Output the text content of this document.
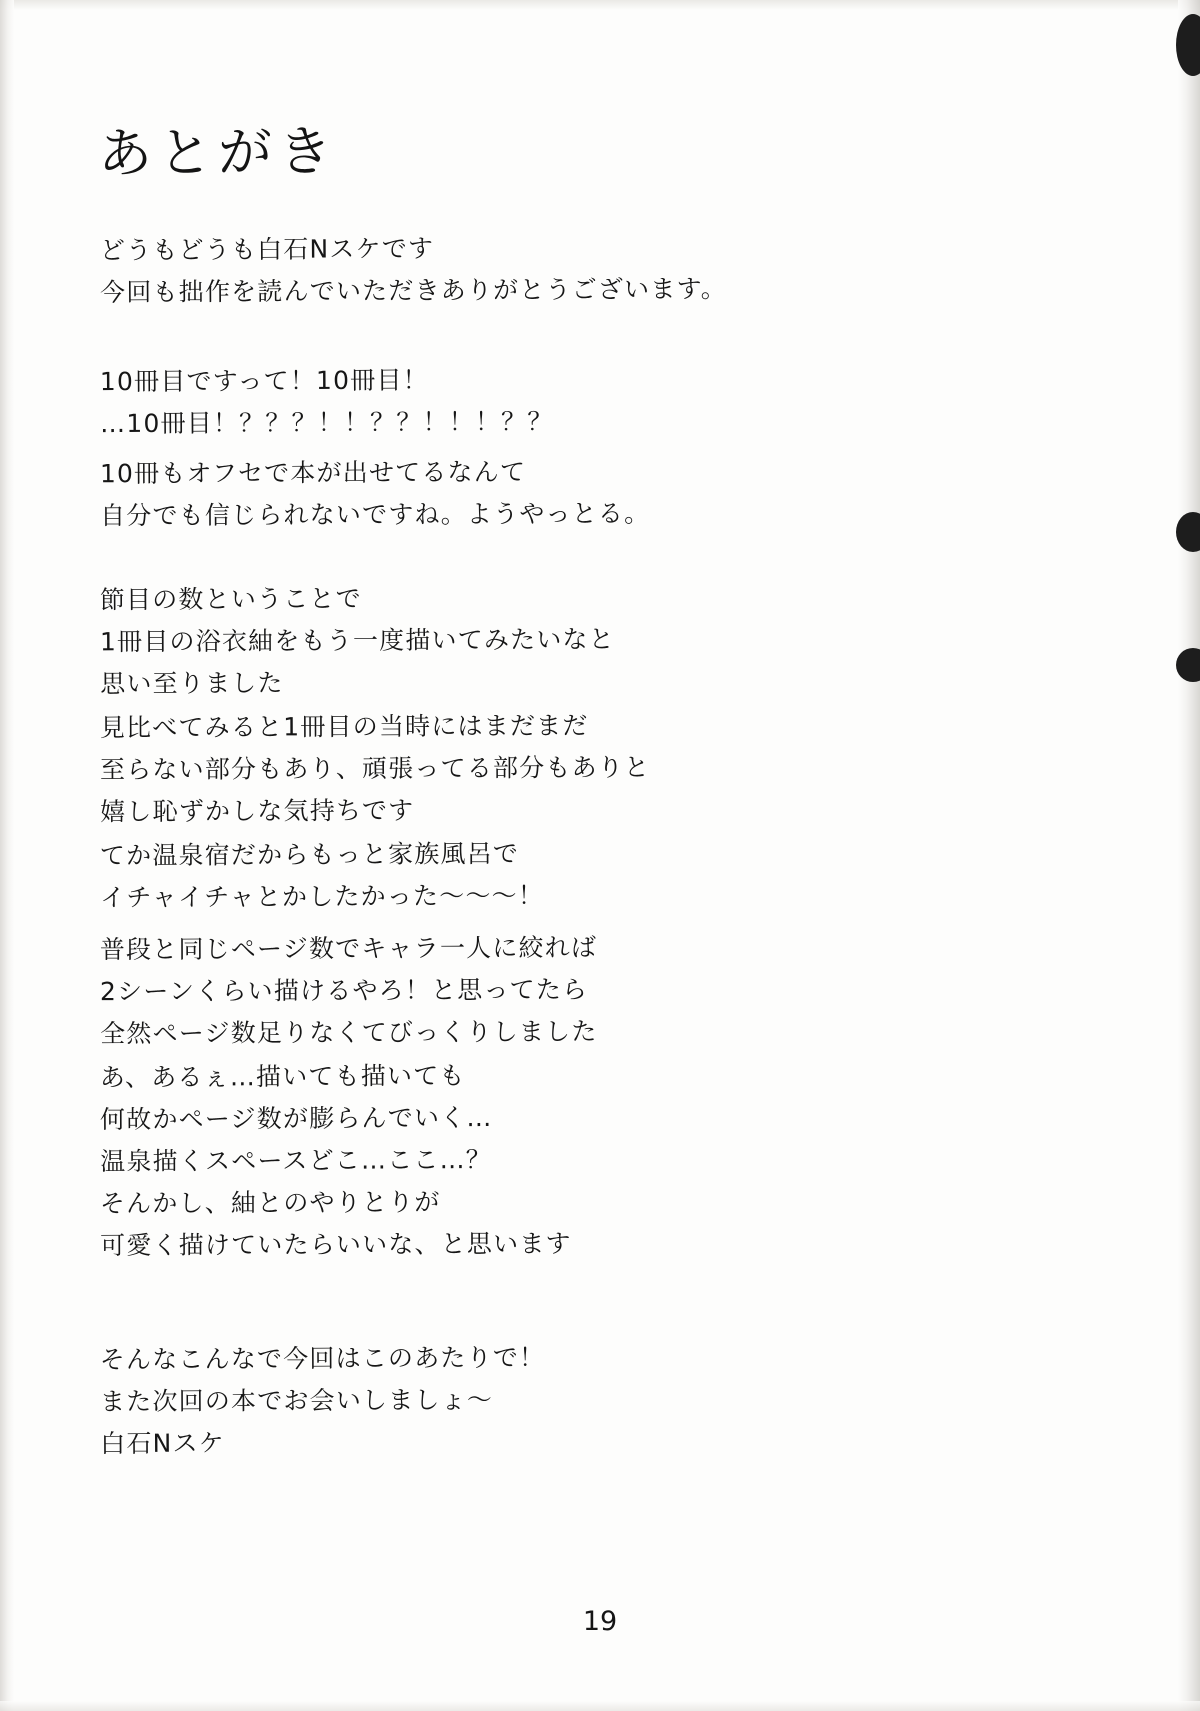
あとがき
どうもどうも白石Nスケです
今回も拙作を読んでいただきありがとうございます。
10冊目ですって！10冊目！
…10冊目！？？？！！？？！！！？？
10冊もオフセで本が出せてるなんて
自分でも信じられないですね。ようやっとる。
節目の数ということで
1冊目の浴衣紬をもう一度描いてみたいなと
思い至りました
見比べてみると1冊目の当時にはまだまだ
至らない部分もあり、頑張ってる部分もありと
嬉し恥ずかしな気持ちです
てか温泉宿だからもっと家族風呂で
イチャイチャとかしたかった〜〜〜！
普段と同じページ数でキャラ一人に絞れば
2シーンくらい描けるやろ！と思ってたら
全然ページ数足りなくてびっくりしました
あ、あるぇ…描いても描いても
何故かページ数が膨らんでいく…
温泉描くスペースどこ…ここ…？
そんかし、紬とのやりとりが
可愛く描けていたらいいな、と思います
そんなこんなで今回はこのあたりで！
また次回の本でお会いしましょ〜
白石Nスケ
19
